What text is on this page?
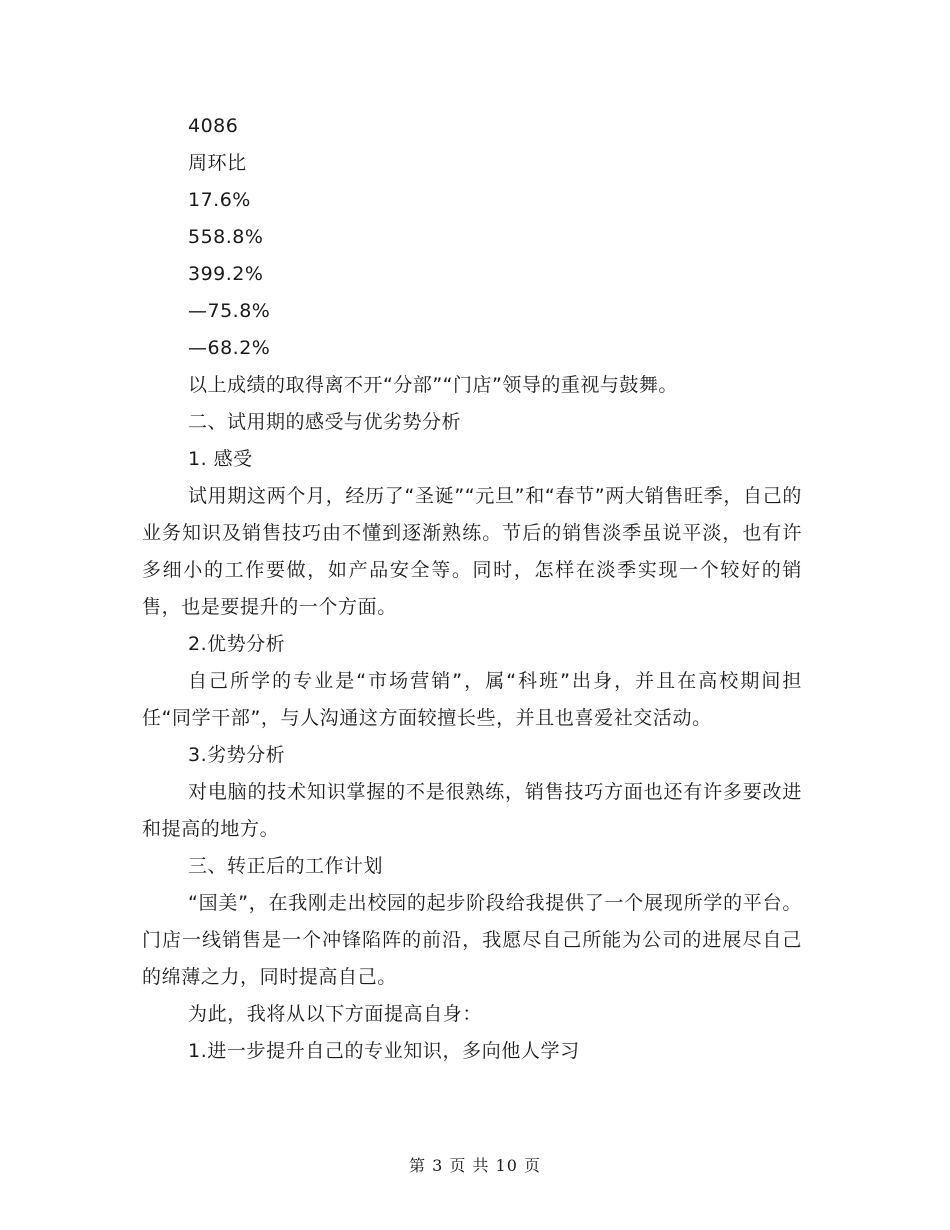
4086
周环比
17.6%
558.8%
399.2%
—75.8%
—68.2%
以上成绩的取得离不开“分部”“门店”领导的重视与鼓舞。
二、试用期的感受与优劣势分析
1. 感受

试用期这两个月，经历了“圣诞”“元旦”和“春节”两大销售旺季，自己的业务知识及销售技巧由不懂到逐渐熟练。节后的销售淡季虽说平淡，也有许多细小的工作要做，如产品安全等。同时，怎样在淡季实现一个较好的销售，也是要提升的一个方面。

2.优势分析

自己所学的专业是“市场营销”，属“科班”出身，并且在高校期间担任“同学干部”，与人沟通这方面较擅长些，并且也喜爱社交活动。

3.劣势分析

对电脑的技术知识掌握的不是很熟练，销售技巧方面也还有许多要改进和提高的地方。

三、转正后的工作计划

“国美”，在我刚走出校园的起步阶段给我提供了一个展现所学的平台。门店一线销售是一个冲锋陷阵的前沿，我愿尽自己所能为公司的进展尽自己的绵薄之力，同时提高自己。

为此，我将从以下方面提高自身：

1.进一步提升自己的专业知识，多向他人学习

第 3 页 共 10 页
